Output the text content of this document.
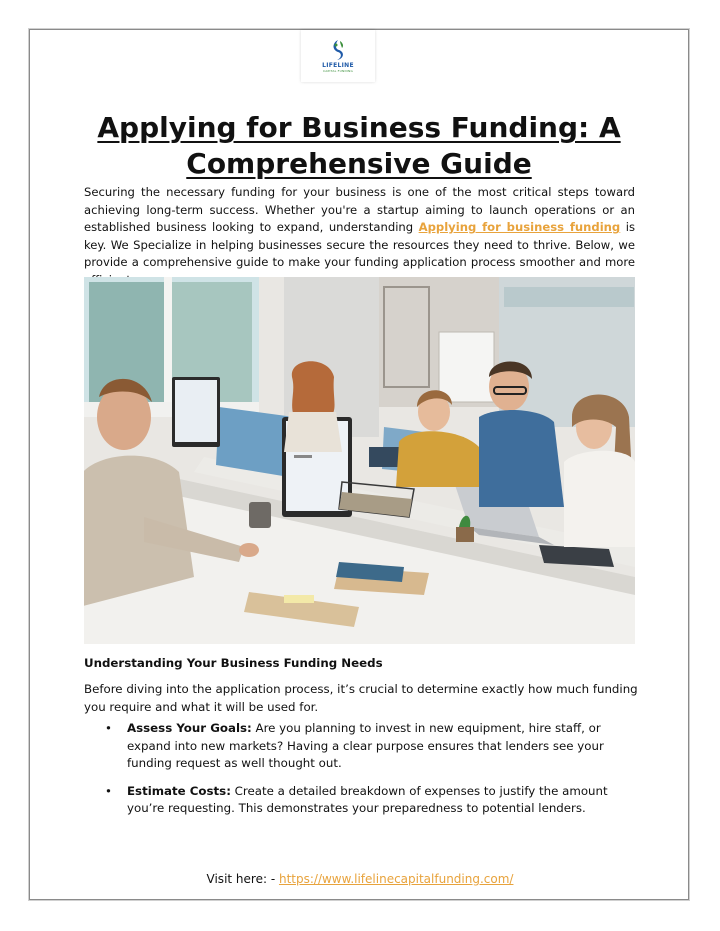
LIFELINE
CAPITAL FUNDING
Applying for Business Funding: A Comprehensive Guide
Securing the necessary funding for your business is one of the most critical steps toward achieving long-term success. Whether you're a startup aiming to launch operations or an established business looking to expand, understanding Applying for business funding is key. We Specialize in helping businesses secure the resources they need to thrive. Below, we provide a comprehensive guide to make your funding application process smoother and more
Understanding Your Business Funding Needs
Before diving into the application process, it’s crucial to determine exactly how much funding you require and what it will be used for.
• Assess Your Goals: Are you planning to invest in new equipment, hire staff, or expand into new markets? Having a clear purpose ensures that lenders see your funding request as well thought out.
• Estimate Costs: Create a detailed breakdown of expenses to justify the amount you’re requesting. This demonstrates your preparedness to potential lenders.
Visit here: - https://www.lifelinecapitalfunding.com/
